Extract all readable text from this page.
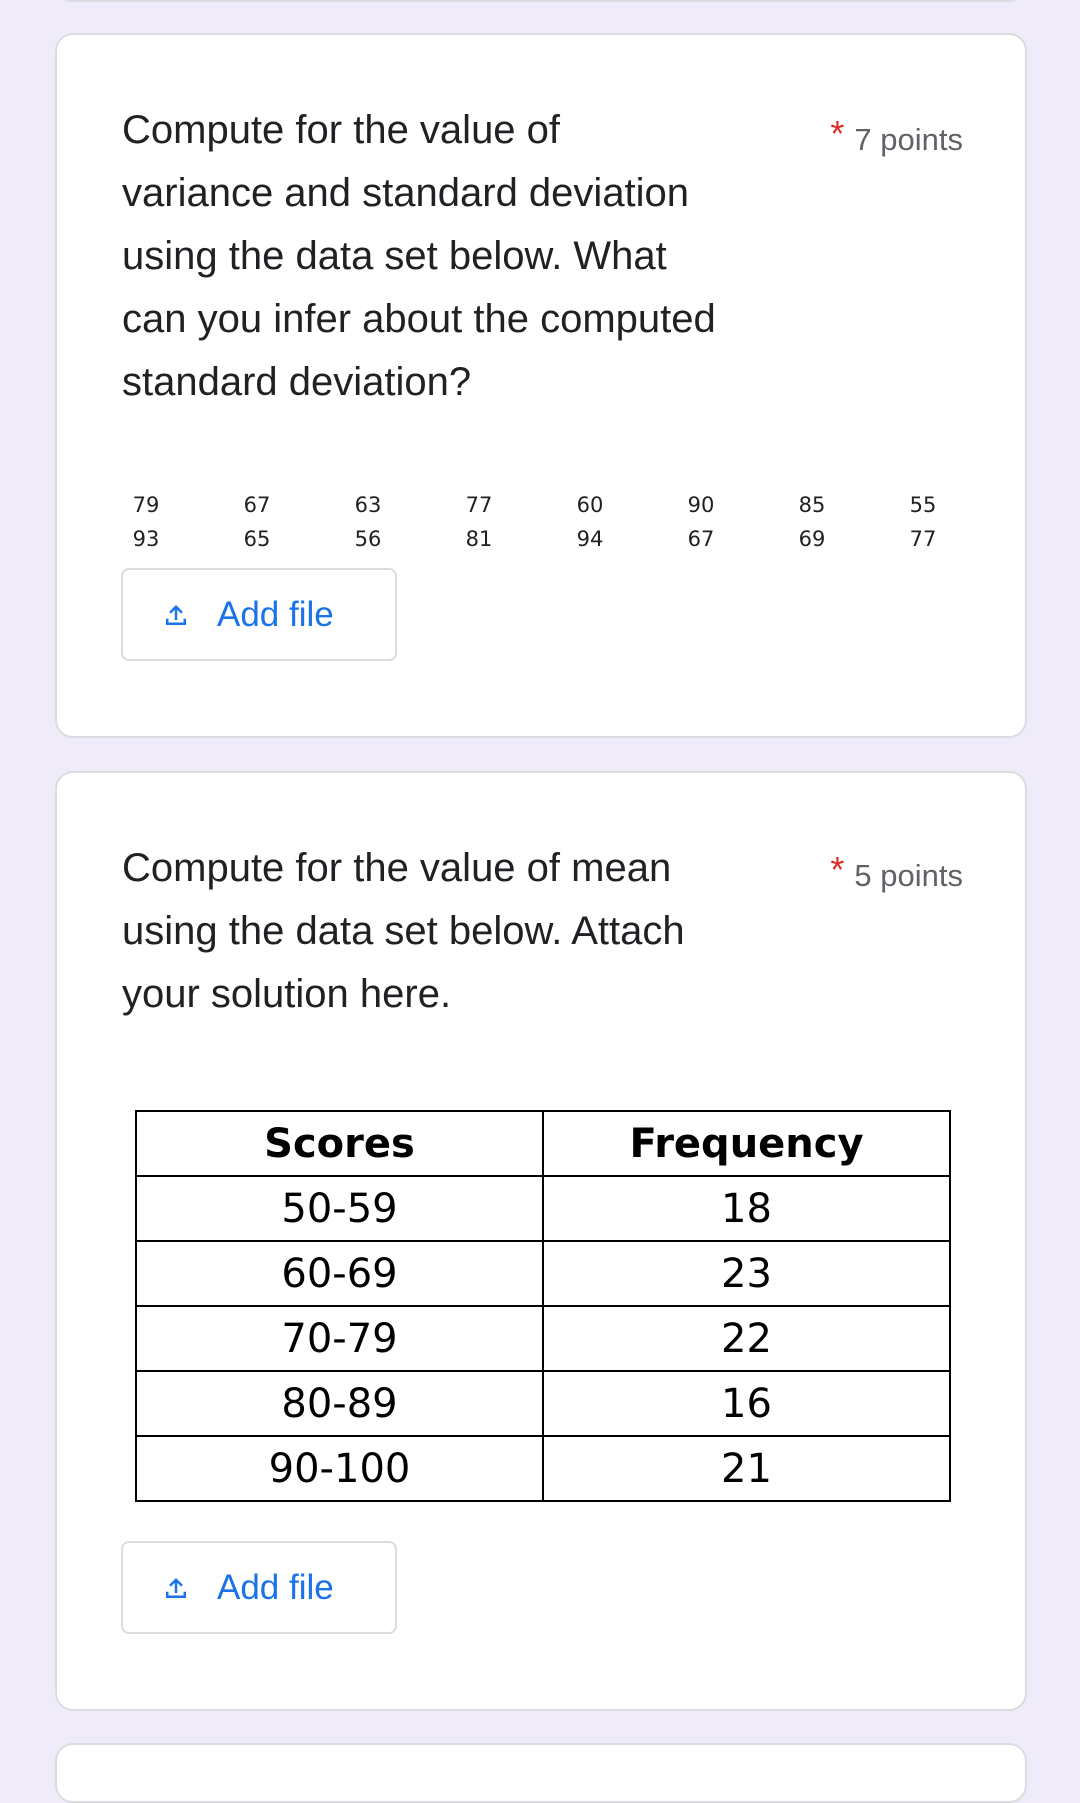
Compute for the value of variance and standard deviation using the data set below. What can you infer about the computed standard deviation?

* 7 points
79	67	63	77	60	90	85	55
93	65	56	81	94	67	69	77
Add file

Compute for the value of mean using the data set below. Attach your solution here.

* 5 points
Scores	Frequency
50-59	18
60-69	23
70-79	22
80-89	16
90-100	21
Add file
